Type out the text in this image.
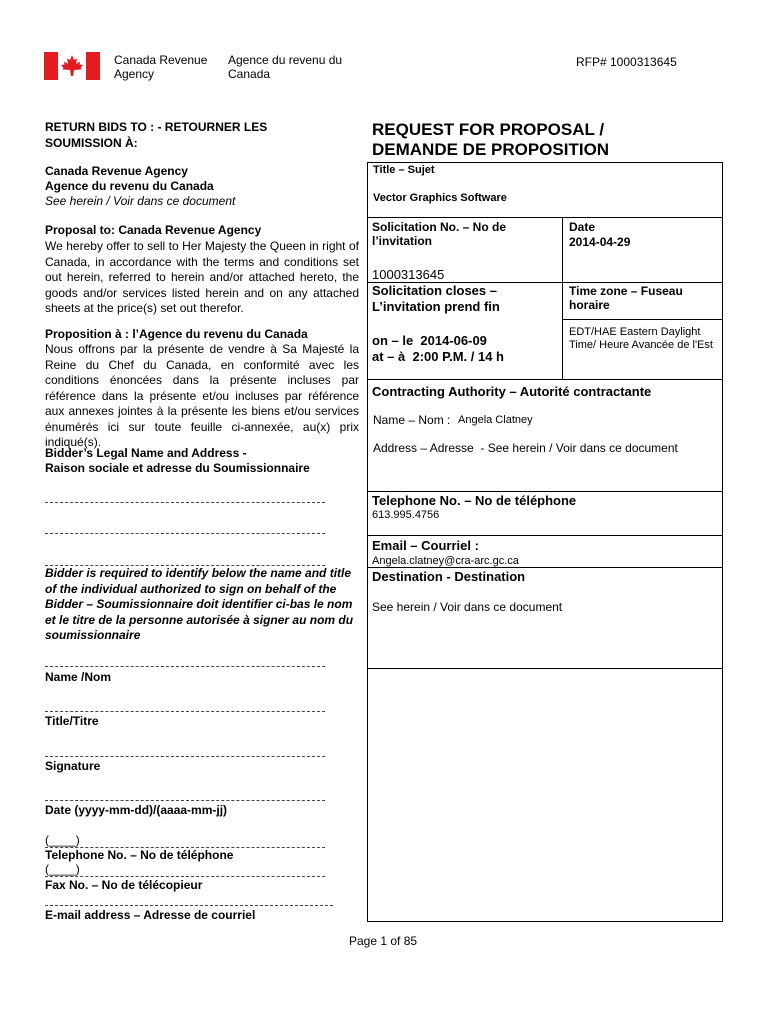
Canada Revenue Agency
Agence du revenu du Canada
RFP# 1000313645
RETURN BIDS TO : - RETOURNER LES SOUMISSION À:
Canada Revenue Agency
Agence du revenu du Canada
See herein / Voir dans ce document
Proposal to: Canada Revenue Agency
We hereby offer to sell to Her Majesty the Queen in right of Canada, in accordance with the terms and conditions set out herein, referred to herein and/or attached hereto, the goods and/or services listed herein and on any attached sheets at the price(s) set out therefor.
Proposition à : l’Agence du revenu du Canada
Nous offrons par la présente de vendre à Sa Majesté la Reine du Chef du Canada, en conformité avec les conditions énoncées dans la présente incluses par référence dans la présente et/ou incluses par référence aux annexes jointes à la présente les biens et/ou services énumérés ici sur toute feuille ci-annexée, au(x) prix indiqué(s).
Bidder’s Legal Name and Address -
Raison sociale et adresse du Soumissionnaire
Bidder is required to identify below the name and title of the individual authorized to sign on behalf of the Bidder – Soumissionnaire doit identifier ci-bas le nom et le titre de la personne autorisée à signer au nom du soumissionnaire
Name /Nom
Title/Titre
Signature
Date (yyyy-mm-dd)/(aaaa-mm-jj)
(____)
Telephone No. – No de téléphone
(____)
Fax No. – No de télécopieur
E-mail address – Adresse de courriel
REQUEST FOR PROPOSAL /
DEMANDE DE PROPOSITION
Title – Sujet
Vector Graphics Software
Solicitation No. – No de l’invitation
1000313645
Date
2014-04-29
Solicitation closes –
L’invitation prend fin
Time zone – Fuseau horaire
on – le  2014-06-09
at – à  2:00 P.M. / 14 h
EDT/HAE Eastern Daylight Time/ Heure Avancée de l'Est
Contracting Authority – Autorité contractante
Name – Nom : Angela Clatney
Address – Adresse  - See herein / Voir dans ce document
Telephone No. – No de téléphone
613.995.4756
Email – Courriel :
Angela.clatney@cra-arc.gc.ca
Destination - Destination
See herein / Voir dans ce document
Page 1 of 85
